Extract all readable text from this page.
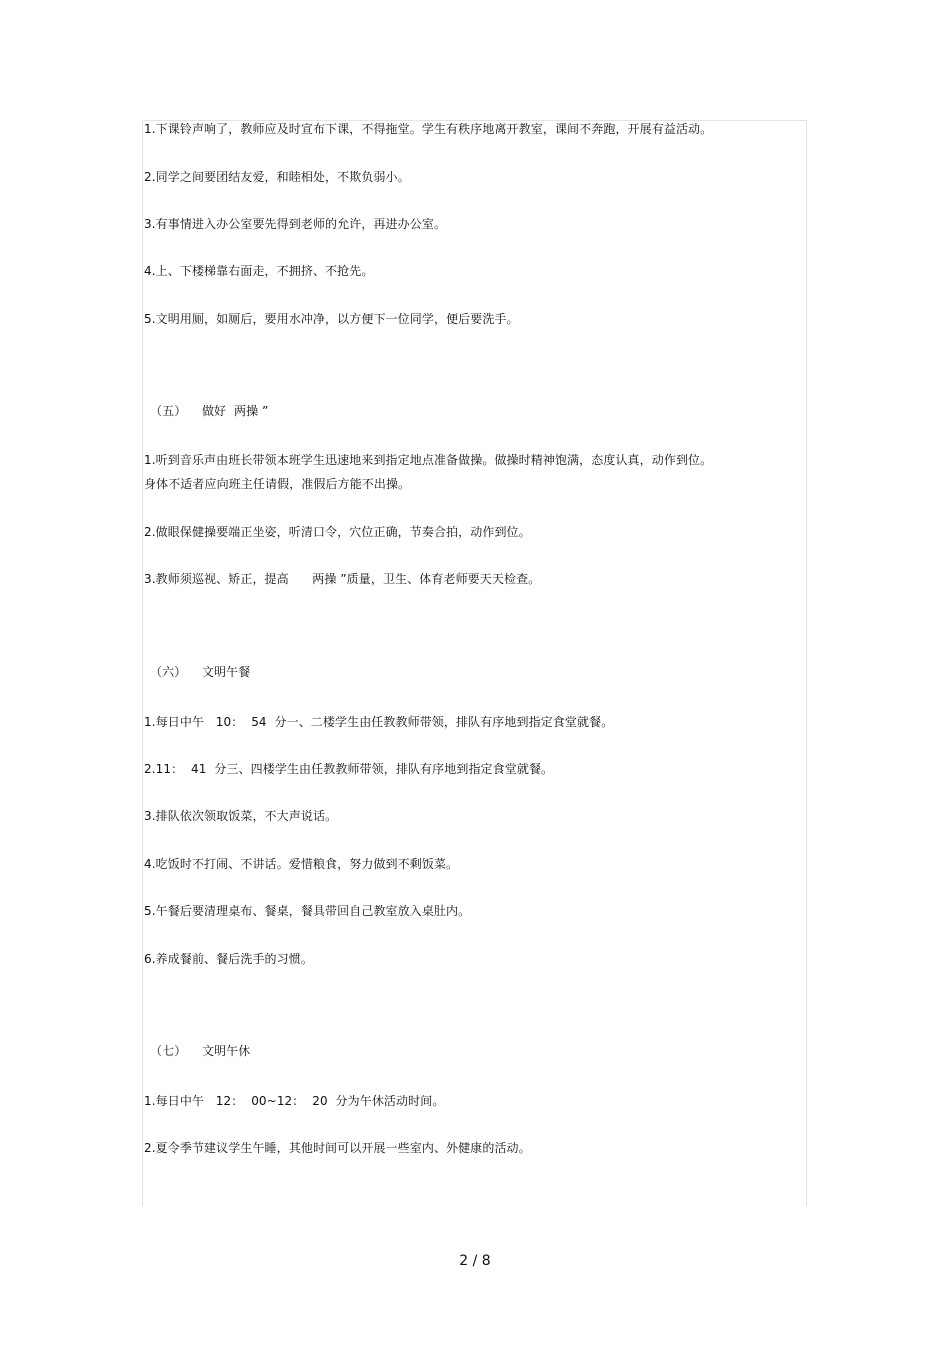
1.下课铃声响了，教师应及时宣布下课，不得拖堂。学生有秩序地离开教室，课间不奔跑，开展有益活动。
2.同学之间要团结友爱，和睦相处，不欺负弱小。
3.有事情进入办公室要先得到老师的允许，再进办公室。
4.上、下楼梯靠右面走，不拥挤、不抢先。
5.文明用厕，如厕后，要用水冲净，以方便下一位同学，便后要洗手。
（五）    做好  两操 ”
1.听到音乐声由班长带领本班学生迅速地来到指定地点准备做操。做操时精神饱满，态度认真，动作到位。
身体不适者应向班主任请假，准假后方能不出操。
2.做眼保健操要端正坐姿，听清口令，穴位正确，节奏合拍，动作到位。
3.教师须巡视、矫正，提高      两操 ”质量，卫生、体育老师要天天检查。
（六）    文明午餐
1.每日中午   10：  54  分一、二楼学生由任教教师带领，排队有序地到指定食堂就餐。
2.11：  41  分三、四楼学生由任教教师带领，排队有序地到指定食堂就餐。
3.排队依次领取饭菜，不大声说话。
4.吃饭时不打闹、不讲话。爱惜粮食，努力做到不剩饭菜。
5.午餐后要清理桌布、餐桌，餐具带回自己教室放入桌肚内。
6.养成餐前、餐后洗手的习惯。
（七）    文明午休
1.每日中午   12：  00~12：  20  分为午休活动时间。
2.夏令季节建议学生午睡，其他时间可以开展一些室内、外健康的活动。
2 / 8
